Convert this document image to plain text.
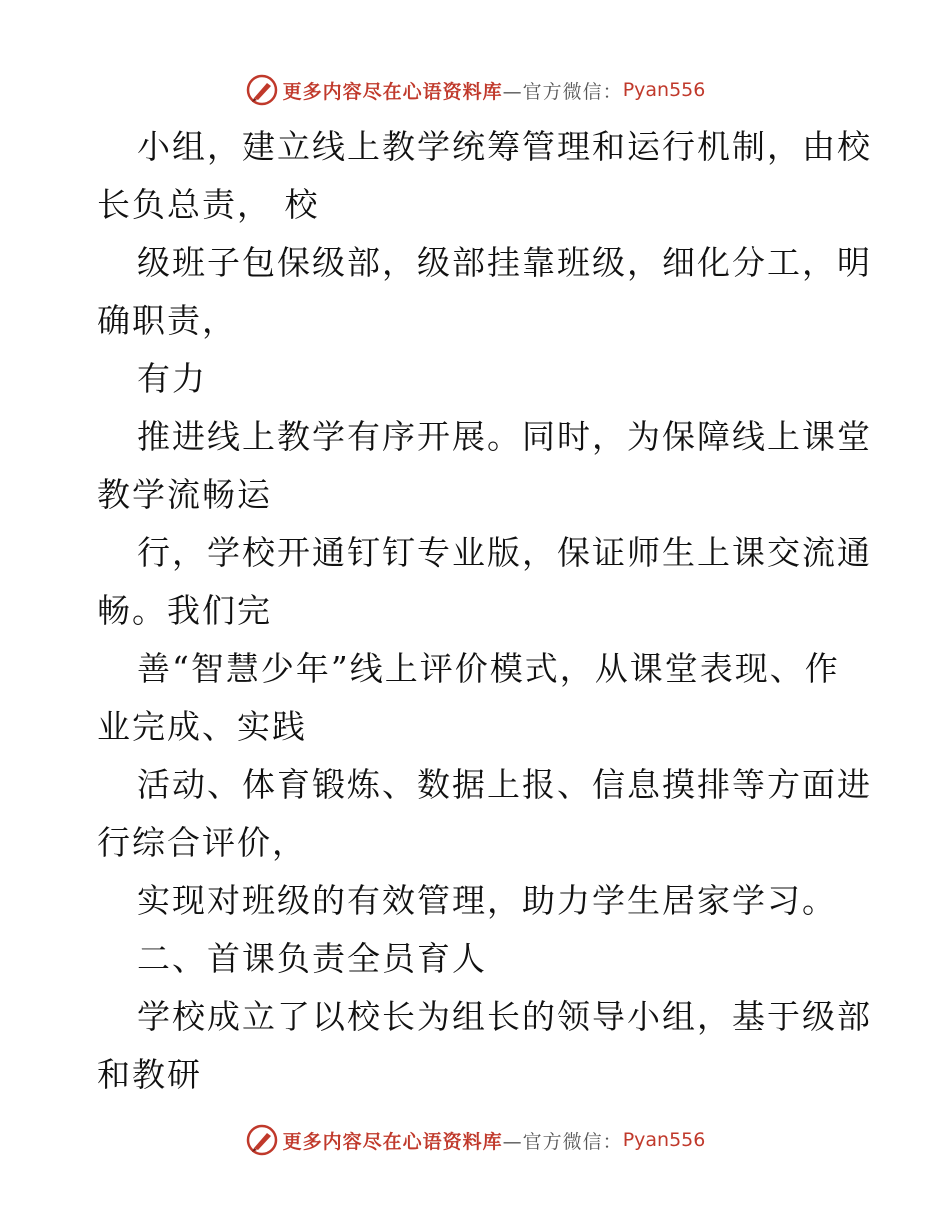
更多内容尽在心语资料库 —官方微信： Pyan556
小组，建立线上教学统筹管理和运行机制，由校
长负总责， 校
级班子包保级部，级部挂靠班级，细化分工，明
确职责，
有力
推进线上教学有序开展。同时，为保障线上课堂
教学流畅运
行，学校开通钉钉专业版，保证师生上课交流通
畅。我们完
善“智慧少年”线上评价模式，从课堂表现、作
业完成、实践
活动、体育锻炼、数据上报、信息摸排等方面进
行综合评价，
实现对班级的有效管理，助力学生居家学习。
二、首课负责全员育人
学校成立了以校长为组长的领导小组，基于级部
和教研
更多内容尽在心语资料库 —官方微信： Pyan556
